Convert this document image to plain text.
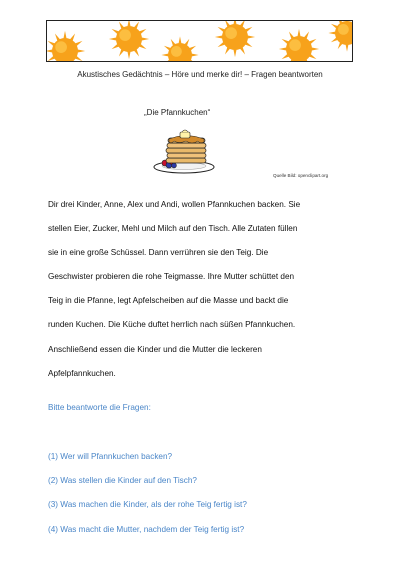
Akustisches Gedächtnis – Höre und merke dir! – Fragen beantworten
„Die Pfannkuchen“
Quelle Bild: openclipart.org

Dir drei Kinder, Anne, Alex und Andi, wollen Pfannkuchen backen. Sie
stellen Eier, Zucker, Mehl und Milch auf den Tisch. Alle Zutaten füllen
sie in eine große Schüssel. Dann verrühren sie den Teig. Die
Geschwister probieren die rohe Teigmasse. Ihre Mutter schüttet den
Teig in die Pfanne, legt Apfelscheiben auf die Masse und backt die
runden Kuchen. Die Küche duftet herrlich nach süßen Pfannkuchen.
Anschließend essen die Kinder und die Mutter die leckeren
Apfelpfannkuchen.

Bitte beantworte die Fragen:
(1) Wer will Pfannkuchen backen?
(2) Was stellen die Kinder auf den Tisch?
(3) Was machen die Kinder, als der rohe Teig fertig ist?
(4) Was macht die Mutter, nachdem der Teig fertig ist?
